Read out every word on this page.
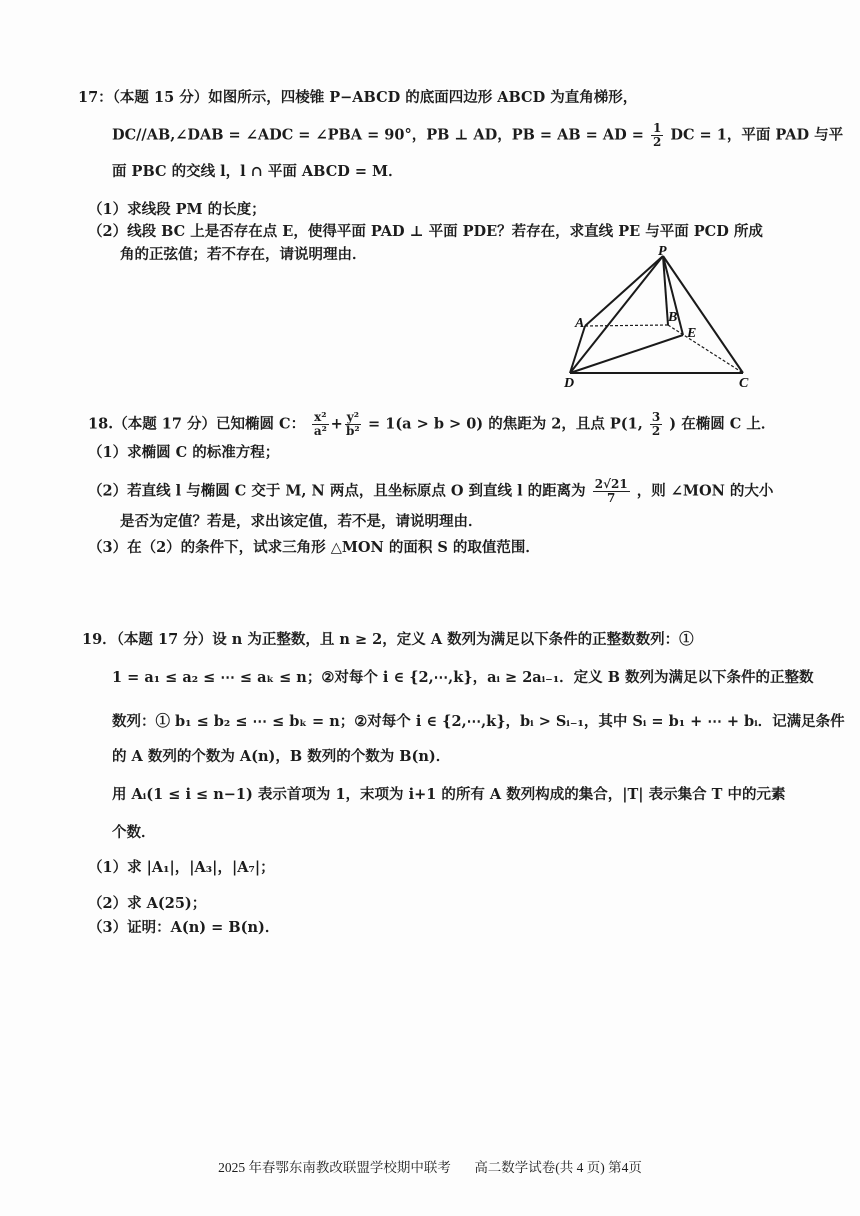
17：（本题 15 分）如图所示，四棱锥 P−ABCD 的底面四边形 ABCD 为直角梯形，
DC//AB,∠DAB = ∠ADC = ∠PBA = 90°，PB ⊥ AD，PB = AB = AD = $\frac{1}{2}$ DC = 1，平面 PAD 与平
面 PBC 的交线 l，l ∩ 平面 ABCD = M．
（1）求线段 PM 的长度；
（2）线段 BC 上是否存在点 E，使得平面 PAD ⊥ 平面 PDE？若存在，求直线 PE 与平面 PCD 所成
角的正弦值；若不存在，请说明理由．	P
A	B
E
D	C
18.（本题 17 分）已知椭圆 C： $\frac{\text{x²}}{\text{a²}} + \frac{\text{y²}}{\text{b²}} = 1(a > b > 0)$ 的焦距为 2，且点 P(1, $\frac{3}{2}$ ) 在椭圆 C 上．
（1）求椭圆 C 的标准方程；
（2）若直线 l 与椭圆 C 交于 M, N 两点，且坐标原点 O 到直线 l 的距离为 $\frac{2√21}{7}$ ，则 ∠MON 的大小
是否为定值？若是，求出该定值，若不是，请说明理由．
（3）在（2）的条件下，试求三角形 △MON 的面积 S 的取值范围．
19．（本题 17 分）设 n 为正整数，且 n ≥ 2，定义 A 数列为满足以下条件的正整数数列：①
1 = a₁ ≤ a₂ ≤ ⋯ ≤ aₖ ≤ n；②对每个 i ∈ {2,⋯,k}，aᵢ ≥ 2aᵢ₋₁．定义 B 数列为满足以下条件的正整数
数列：① b₁ ≤ b₂ ≤ ⋯ ≤ bₖ = n；②对每个 i ∈ {2,⋯,k}，bᵢ > Sᵢ₋₁，其中 Sᵢ = b₁ + ⋯ + bᵢ．记满足条件
的 A 数列的个数为 A(n)，B 数列的个数为 B(n)．
用 Aᵢ(1 ≤ i ≤ n−1) 表示首项为 1，末项为 i+1 的所有 A 数列构成的集合，|T| 表示集合 T 中的元素
个数．
（1）求 |A₁|，|A₃|，|A₇|；
（2）求 A(25)；
（3）证明：A(n) = B(n)．
2025 年春鄂东南教改联盟学校期中联考 高二数学试卷(共 4 页) 第4页
